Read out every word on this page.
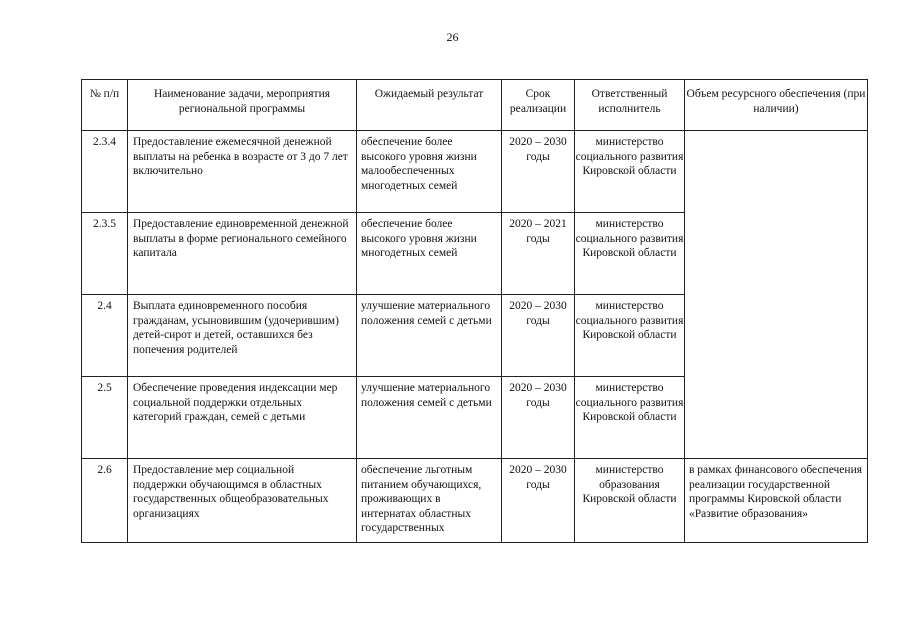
26
№ п/п	Наименование задачи, мероприятия региональной программы	Ожидаемый результат	Срок реализации	Ответственный исполнитель	Объем ресурсного обеспечения (при наличии)
2.3.4	Предоставление ежемесячной денежной выплаты на ребенка в возрасте от 3 до 7 лет включительно	обеспечение более высокого уровня жизни малообеспеченных многодетных семей	2020 – 2030 годы	министерство социального развития Кировской области	
2.3.5	Предоставление единовременной денежной выплаты в форме регионального семейного капитала	обеспечение более высокого уровня жизни многодетных семей	2020 – 2021 годы	министерство социального развития Кировской области	
2.4	Выплата единовременного пособия гражданам, усыновившим (удочерившим) детей-сирот и детей, оставшихся без попечения родителей	улучшение материального положения семей с детьми	2020 – 2030 годы	министерство социального развития Кировской области	
2.5	Обеспечение проведения индексации мер социальной поддержки отдельных категорий граждан, семей с детьми	улучшение материального положения семей с детьми	2020 – 2030 годы	министерство социального развития Кировской области	
2.6	Предоставление мер социальной поддержки обучающимся в областных государственных общеобразовательных организациях	обеспечение льготным питанием обучающихся, проживающих в интернатах областных государственных	2020 – 2030 годы	министерство образования Кировской области	в рамках финансового обеспечения реализации государственной программы Кировской области «Развитие образования»
